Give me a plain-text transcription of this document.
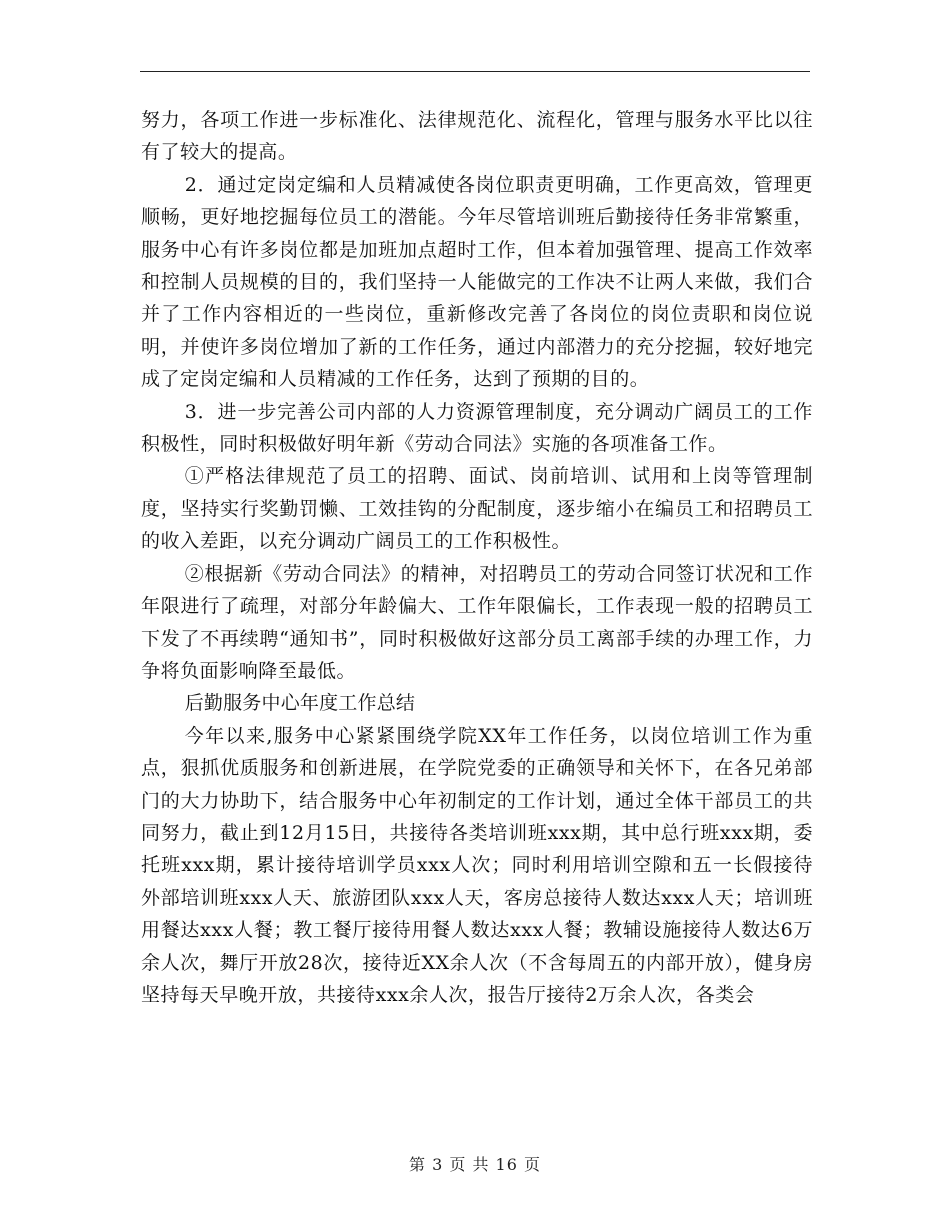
努力，各项工作进一步标准化、法律规范化、流程化，管理与服务水平比以往有了较大的提高。

2．通过定岗定编和人员精减使各岗位职责更明确，工作更高效，管理更顺畅，更好地挖掘每位员工的潜能。今年尽管培训班后勤接待任务非常繁重，服务中心有许多岗位都是加班加点超时工作，但本着加强管理、提高工作效率和控制人员规模的目的，我们坚持一人能做完的工作决不让两人来做，我们合并了工作内容相近的一些岗位，重新修改完善了各岗位的岗位责职和岗位说明，并使许多岗位增加了新的工作任务，通过内部潜力的充分挖掘，较好地完成了定岗定编和人员精减的工作任务，达到了预期的目的。

3．进一步完善公司内部的人力资源管理制度，充分调动广阔员工的工作积极性，同时积极做好明年新《劳动合同法》实施的各项准备工作。

①严格法律规范了员工的招聘、面试、岗前培训、试用和上岗等管理制度，坚持实行奖勤罚懒、工效挂钩的分配制度，逐步缩小在编员工和招聘员工的收入差距，以充分调动广阔员工的工作积极性。

②根据新《劳动合同法》的精神，对招聘员工的劳动合同签订状况和工作年限进行了疏理，对部分年龄偏大、工作年限偏长，工作表现一般的招聘员工下发了不再续聘“通知书”，同时积极做好这部分员工离部手续的办理工作，力争将负面影响降至最低。

后勤服务中心年度工作总结

今年以来,服务中心紧紧围绕学院XX年工作任务，以岗位培训工作为重点，狠抓优质服务和创新进展，在学院党委的正确领导和关怀下，在各兄弟部门的大力协助下，结合服务中心年初制定的工作计划，通过全体干部员工的共同努力，截止到12月15日，共接待各类培训班xxx期，其中总行班xxx期，委托班xxx期，累计接待培训学员xxx人次；同时利用培训空隙和五一长假接待外部培训班xxx人天、旅游团队xxx人天，客房总接待人数达xxx人天；培训班用餐达xxx人餐；教工餐厅接待用餐人数达xxx人餐；教辅设施接待人数达6万余人次，舞厅开放28次，接待近XX余人次（不含每周五的内部开放），健身房坚持每天早晚开放，共接待xxx余人次，报告厅接待2万余人次，各类会

第 3 页 共 16 页
